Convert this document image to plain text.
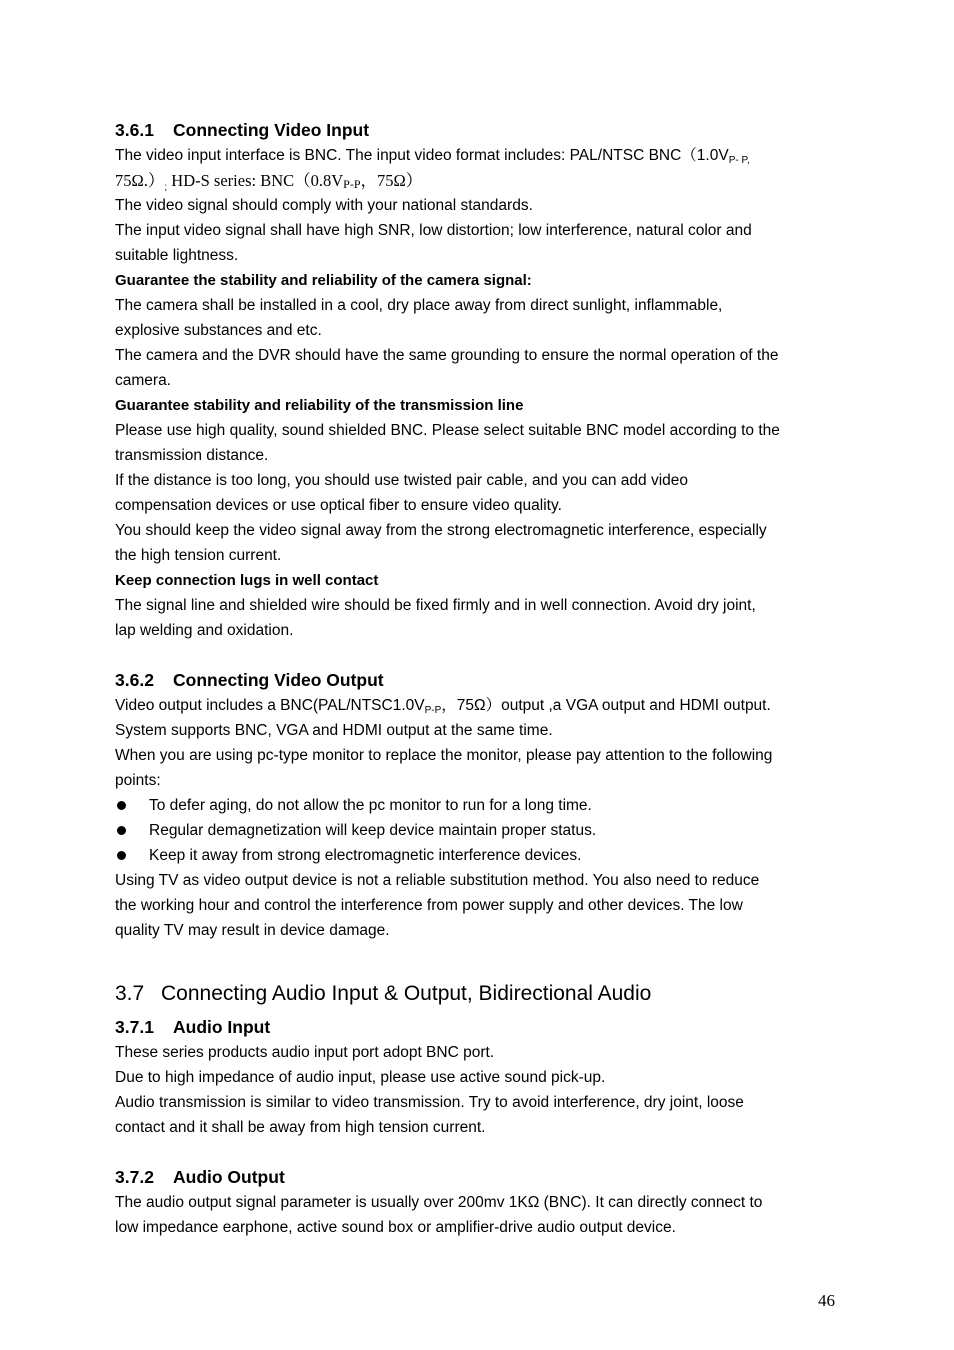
3.6.1 Connecting Video Input
The video input interface is BNC. The input video format includes: PAL/NTSC BNC（1.0VP- P,
$75\Omega.)_;$ HD-S series: BNC（0.8VP-P，75Ω）
The video signal should comply with your national standards.
The input video signal shall have high SNR, low distortion; low interference, natural color and
suitable lightness.
Guarantee the stability and reliability of the camera signal:
The camera shall be installed in a cool, dry place away from direct sunlight, inflammable,
explosive substances and etc.
The camera and the DVR should have the same grounding to ensure the normal operation of the
camera.
Guarantee stability and reliability of the transmission line
Please use high quality, sound shielded BNC. Please select suitable BNC model according to the
transmission distance.
If the distance is too long, you should use twisted pair cable, and you can add video
compensation devices or use optical fiber to ensure video quality.
You should keep the video signal away from the strong electromagnetic interference, especially
the high tension current.
Keep connection lugs in well contact
The signal line and shielded wire should be fixed firmly and in well connection. Avoid dry joint,
lap welding and oxidation.
3.6.2 Connecting Video Output
Video output includes a BNC(PAL/NTSC1.0VP-P，75Ω）output ,a VGA output and HDMI output.
System supports BNC, VGA and HDMI output at the same time.
When you are using pc-type monitor to replace the monitor, please pay attention to the following
points:
To defer aging, do not allow the pc monitor to run for a long time.
Regular demagnetization will keep device maintain proper status.
Keep it away from strong electromagnetic interference devices.
Using TV as video output device is not a reliable substitution method. You also need to reduce
the working hour and control the interference from power supply and other devices. The low
quality TV may result in device damage.
3.7 Connecting Audio Input & Output, Bidirectional Audio
3.7.1 Audio Input
These series products audio input port adopt BNC port.
Due to high impedance of audio input, please use active sound pick-up.
Audio transmission is similar to video transmission. Try to avoid interference, dry joint, loose
contact and it shall be away from high tension current.
3.7.2 Audio Output
The audio output signal parameter is usually over 200mv 1KΩ (BNC). It can directly connect to
low impedance earphone, active sound box or amplifier-drive audio output device.
46
